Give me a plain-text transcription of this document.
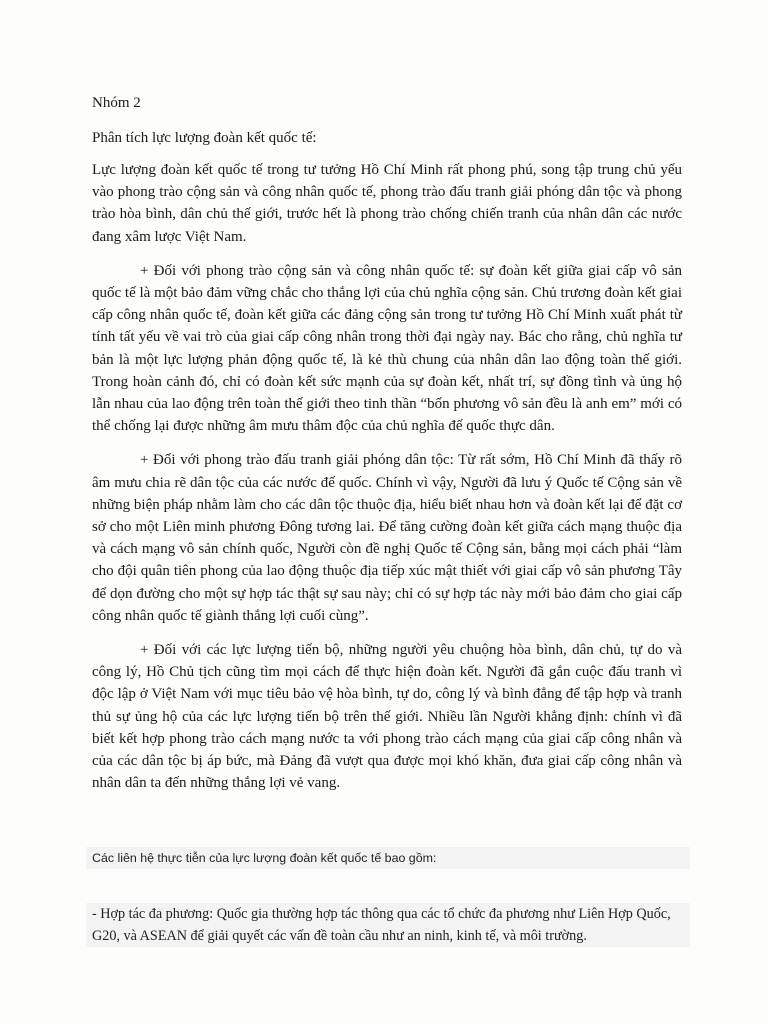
Nhóm 2

Phân tích lực lượng đoàn kết quốc tế:

Lực lượng đoàn kết quốc tế trong tư tưởng Hồ Chí Minh rất phong phú, song tập trung chủ yếu vào phong trào cộng sản và công nhân quốc tế, phong trào đấu tranh giải phóng dân tộc và phong trào hòa bình, dân chủ thế giới, trước hết là phong trào chống chiến tranh của nhân dân các nước đang xâm lược Việt Nam.

+ Đối với phong trào cộng sản và công nhân quốc tế: sự đoàn kết giữa giai cấp vô sản quốc tế là một bảo đảm vững chắc cho thắng lợi của chủ nghĩa cộng sản. Chủ trương đoàn kết giai cấp công nhân quốc tế, đoàn kết giữa các đảng cộng sản trong tư tưởng Hồ Chí Minh xuất phát từ tính tất yếu về vai trò của giai cấp công nhân trong thời đại ngày nay. Bác cho rằng, chủ nghĩa tư bản là một lực lượng phản động quốc tế, là kẻ thù chung của nhân dân lao động toàn thế giới. Trong hoàn cảnh đó, chỉ có đoàn kết sức mạnh của sự đoàn kết, nhất trí, sự đồng tình và ủng hộ lẫn nhau của lao động trên toàn thế giới theo tinh thần “bốn phương vô sản đều là anh em” mới có thể chống lại được những âm mưu thâm độc của chủ nghĩa đế quốc thực dân.

+ Đối với phong trào đấu tranh giải phóng dân tộc: Từ rất sớm, Hồ Chí Minh đã thấy rõ âm mưu chia rẽ dân tộc của các nước đế quốc. Chính vì vậy, Người đã lưu ý Quốc tế Cộng sản về những biện pháp nhằm làm cho các dân tộc thuộc địa, hiểu biết nhau hơn và đoàn kết lại để đặt cơ sở cho một Liên minh phương Đông tương lai. Để tăng cường đoàn kết giữa cách mạng thuộc địa và cách mạng vô sản chính quốc, Người còn đề nghị Quốc tế Cộng sản, bằng mọi cách phải “làm cho đội quân tiên phong của lao động thuộc địa tiếp xúc mật thiết với giai cấp vô sản phương Tây để dọn đường cho một sự hợp tác thật sự sau này; chỉ có sự hợp tác này mới bảo đảm cho giai cấp công nhân quốc tế giành thắng lợi cuối cùng”.

+ Đối với các lực lượng tiến bộ, những người yêu chuộng hòa bình, dân chủ, tự do và công lý, Hồ Chủ tịch cũng tìm mọi cách để thực hiện đoàn kết. Người đã gắn cuộc đấu tranh vì độc lập ở Việt Nam với mục tiêu bảo vệ hòa bình, tự do, công lý và bình đẳng để tập hợp và tranh thủ sự ủng hộ của các lực lượng tiến bộ trên thế giới. Nhiều lần Người khẳng định: chính vì đã biết kết hợp phong trào cách mạng nước ta với phong trào cách mạng của giai cấp công nhân và của các dân tộc bị áp bức, mà Đảng đã vượt qua được mọi khó khăn, đưa giai cấp công nhân và nhân dân ta đến những thắng lợi vẻ vang.

Các liên hệ thực tiễn của lực lượng đoàn kết quốc tế bao gồm:

- Hợp tác đa phương: Quốc gia thường hợp tác thông qua các tổ chức đa phương như Liên Hợp Quốc, G20, và ASEAN để giải quyết các vấn đề toàn cầu như an ninh, kinh tế, và môi trường.
